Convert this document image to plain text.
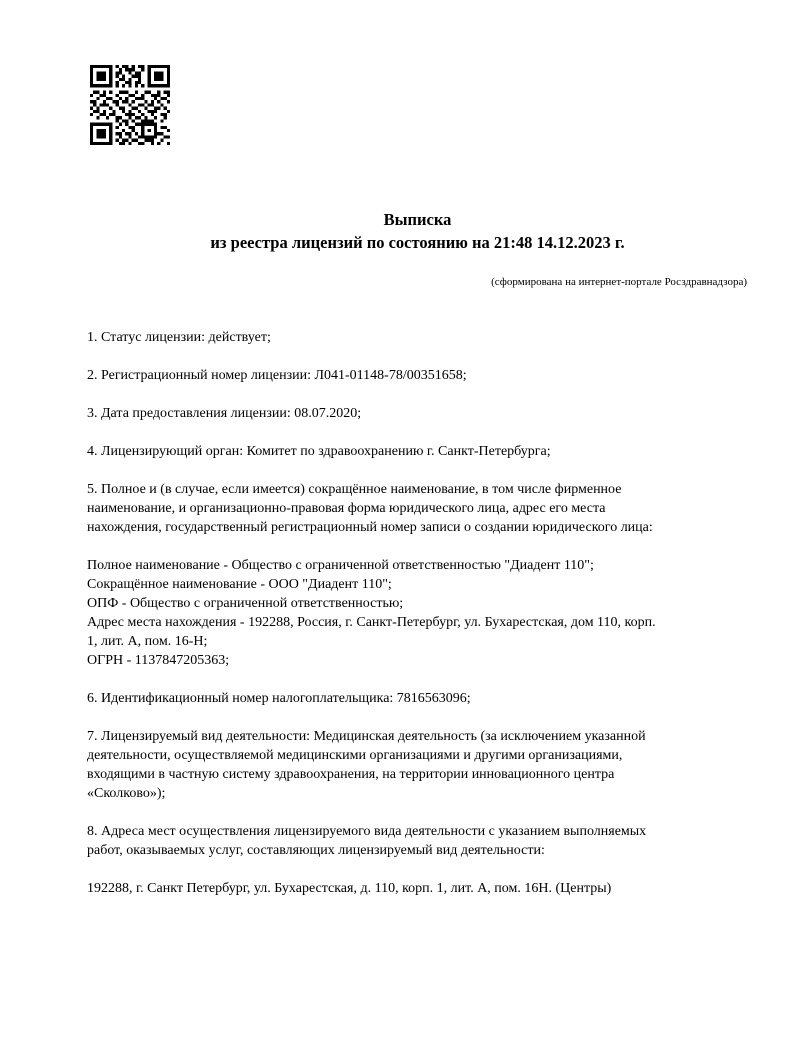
Выписка
из реестра лицензий по состоянию на 21:48 14.12.2023 г.
(сформирована на интернет-портале Росздравнадзора)

1. Статус лицензии: действует;

2. Регистрационный номер лицензии: Л041-01148-78/00351658;

3. Дата предоставления лицензии: 08.07.2020;

4. Лицензирующий орган: Комитет по здравоохранению г. Санкт-Петербурга;

5. Полное и (в случае, если имеется) сокращённое наименование, в том числе фирменное
наименование, и организационно-правовая форма юридического лица, адрес его места
нахождения, государственный регистрационный номер записи о создании юридического лица:

Полное наименование - Общество с ограниченной ответственностью "Диадент 110";
Сокращённое наименование - ООО "Диадент 110";
ОПФ - Общество с ограниченной ответственностью;
Адрес места нахождения - 192288, Россия, г. Санкт-Петербург, ул. Бухарестская, дом 110, корп.
1, лит. А, пом. 16-Н;
ОГРН - 1137847205363;

6. Идентификационный номер налогоплательщика: 7816563096;

7. Лицензируемый вид деятельности: Медицинская деятельность (за исключением указанной
деятельности, осуществляемой медицинскими организациями и другими организациями,
входящими в частную систему здравоохранения, на территории инновационного центра
«Сколково»);

8. Адреса мест осуществления лицензируемого вида деятельности с указанием выполняемых
работ, оказываемых услуг, составляющих лицензируемый вид деятельности:

192288, г. Санкт Петербург, ул. Бухарестская, д. 110, корп. 1, лит. А, пом. 16Н. (Центры)
